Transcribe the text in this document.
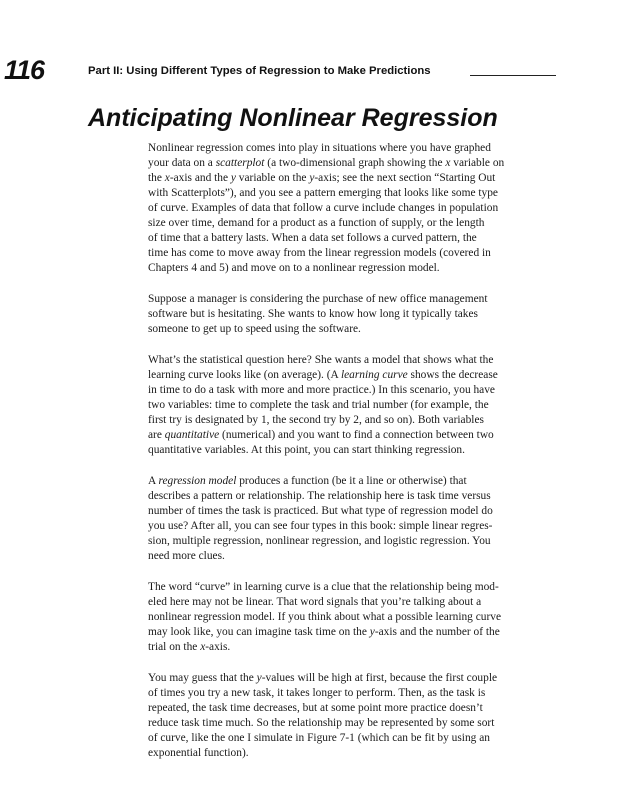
116	Part II: Using Different Types of Regression to Make Predictions
Anticipating Nonlinear Regression

Nonlinear regression comes into play in situations where you have graphed
your data on a scatterplot (a two-dimensional graph showing the x variable on
the x-axis and the y variable on the y-axis; see the next section “Starting Out
with Scatterplots”), and you see a pattern emerging that looks like some type
of curve. Examples of data that follow a curve include changes in population
size over time, demand for a product as a function of supply, or the length
of time that a battery lasts. When a data set follows a curved pattern, the
time has come to move away from the linear regression models (covered in
Chapters 4 and 5) and move on to a nonlinear regression model.

Suppose a manager is considering the purchase of new office management
software but is hesitating. She wants to know how long it typically takes
someone to get up to speed using the software.

What’s the statistical question here? She wants a model that shows what the
learning curve looks like (on average). (A learning curve shows the decrease
in time to do a task with more and more practice.) In this scenario, you have
two variables: time to complete the task and trial number (for example, the
first try is designated by 1, the second try by 2, and so on). Both variables
are quantitative (numerical) and you want to find a connection between two
quantitative variables. At this point, you can start thinking regression.

A regression model produces a function (be it a line or otherwise) that
describes a pattern or relationship. The relationship here is task time versus
number of times the task is practiced. But what type of regression model do
you use? After all, you can see four types in this book: simple linear regres-
sion, multiple regression, nonlinear regression, and logistic regression. You
need more clues.

The word “curve” in learning curve is a clue that the relationship being mod-
eled here may not be linear. That word signals that you’re talking about a
nonlinear regression model. If you think about what a possible learning curve
may look like, you can imagine task time on the y-axis and the number of the
trial on the x-axis.

You may guess that the y-values will be high at first, because the first couple
of times you try a new task, it takes longer to perform. Then, as the task is
repeated, the task time decreases, but at some point more practice doesn’t
reduce task time much. So the relationship may be represented by some sort
of curve, like the one I simulate in Figure 7-1 (which can be fit by using an
exponential function).
